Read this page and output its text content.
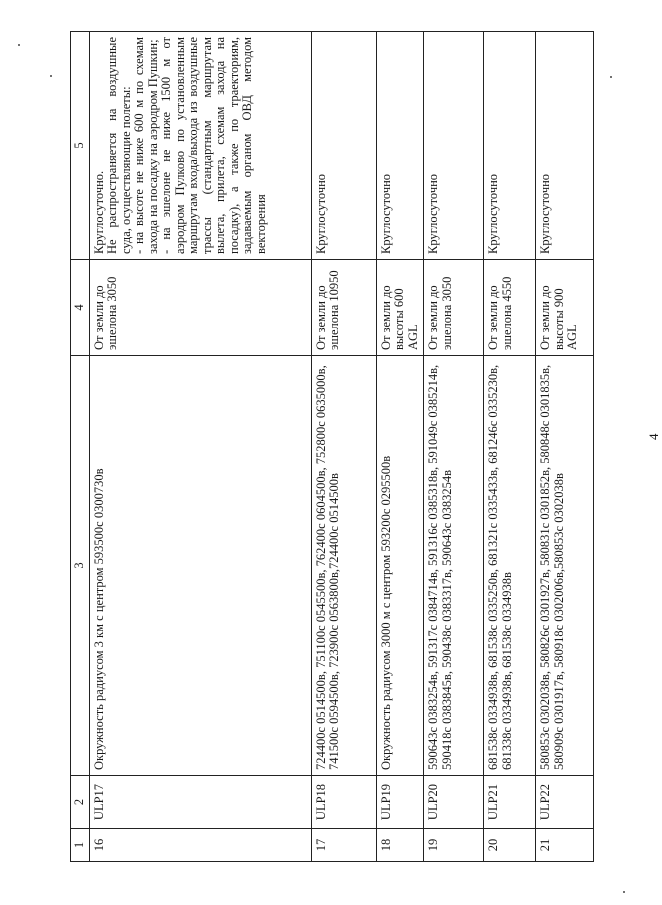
4
1	2	3	4	5
16	ULP17	Окружность радиусом 3 км с центром 593500с 0300730в	От земли до эшелона 3050	Круглосуточно. Не распространяется на воздушные суда, осуществляющие полеты: - на высоте не ниже 600 м по схемам захода на посадку на аэродром Пушкин; - на эшелоне не ниже 1500 м от аэродром Пулково по установленным маршрутам входа/выхода из воздушные трассы (стандартным маршрутам вылета, прилета, схемам захода на посадку), а также по траекториям, задаваемым органом ОВД методом векторения

17	ULP18	724400с 0514500в, 751100с 0545500в, 762400с 0604500в, 752800с 0635000в, 741500с 0594500в, 723900с 0563800в,724400с 0514500в	От земли до эшелона 10950	Круглосуточно
18	ULP19	Окружность радиусом 3000 м с центром 593200с 0295500в	От земли до высоты 600 AGL	Круглосуточно
19	ULP20	590643с 0383254в, 591317с 0384714в, 591316с 0385318в, 591049с 0385214в, 590418с 0383845в, 590438с 0383317в, 590643с 0383254в	От земли до эшелона 3050	Круглосуточно
20	ULP21	681538с 0334938в, 681538с 0335250в, 681321с 0335433в, 681246с 0335230в, 681338с 0334938в, 681538с 0334938в	От земли до эшелона 4550	Круглосуточно
21	ULP22	580853с 0302038в, 580826с 0301927в, 580831с 0301852в, 580848с 0301835в, 580909с 0301917в, 580918с 0302006в,580853с 0302038в	От земли до высоты 900 AGL	Круглосуточно
